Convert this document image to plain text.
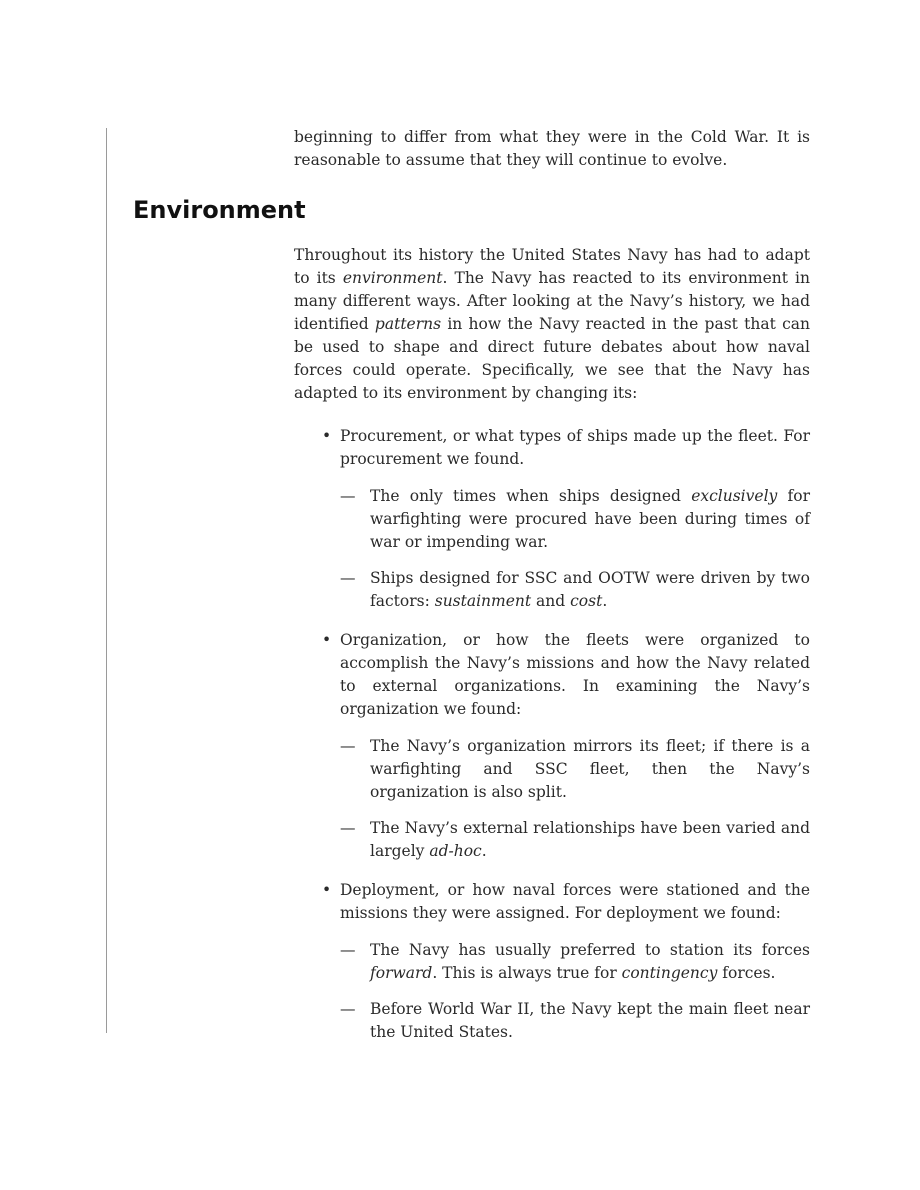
beginning to differ from what they were in the Cold War. It is reasonable to assume that they will continue to evolve.

Environment

Throughout its history the United States Navy has had to adapt to its environment. The Navy has reacted to its environment in many different ways. After looking at the Navy’s history, we had identified patterns in how the Navy reacted in the past that can be used to shape and direct future debates about how naval forces could operate. Specifically, we see that the Navy has adapted to its environment by changing its:

• Procurement, or what types of ships made up the fleet. For procurement we found.
— The only times when ships designed exclusively for warfighting were procured have been during times of war or impending war.
— Ships designed for SSC and OOTW were driven by two factors: sustainment and cost.
• Organization, or how the fleets were organized to accomplish the Navy’s missions and how the Navy related to external organizations. In examining the Navy’s organization we found:
— The Navy’s organization mirrors its fleet; if there is a warfighting and SSC fleet, then the Navy’s organization is also split.
— The Navy’s external relationships have been varied and largely ad-hoc.
• Deployment, or how naval forces were stationed and the missions they were assigned. For deployment we found:
— The Navy has usually preferred to station its forces forward. This is always true for contingency forces.
— Before World War II, the Navy kept the main fleet near the United States.
